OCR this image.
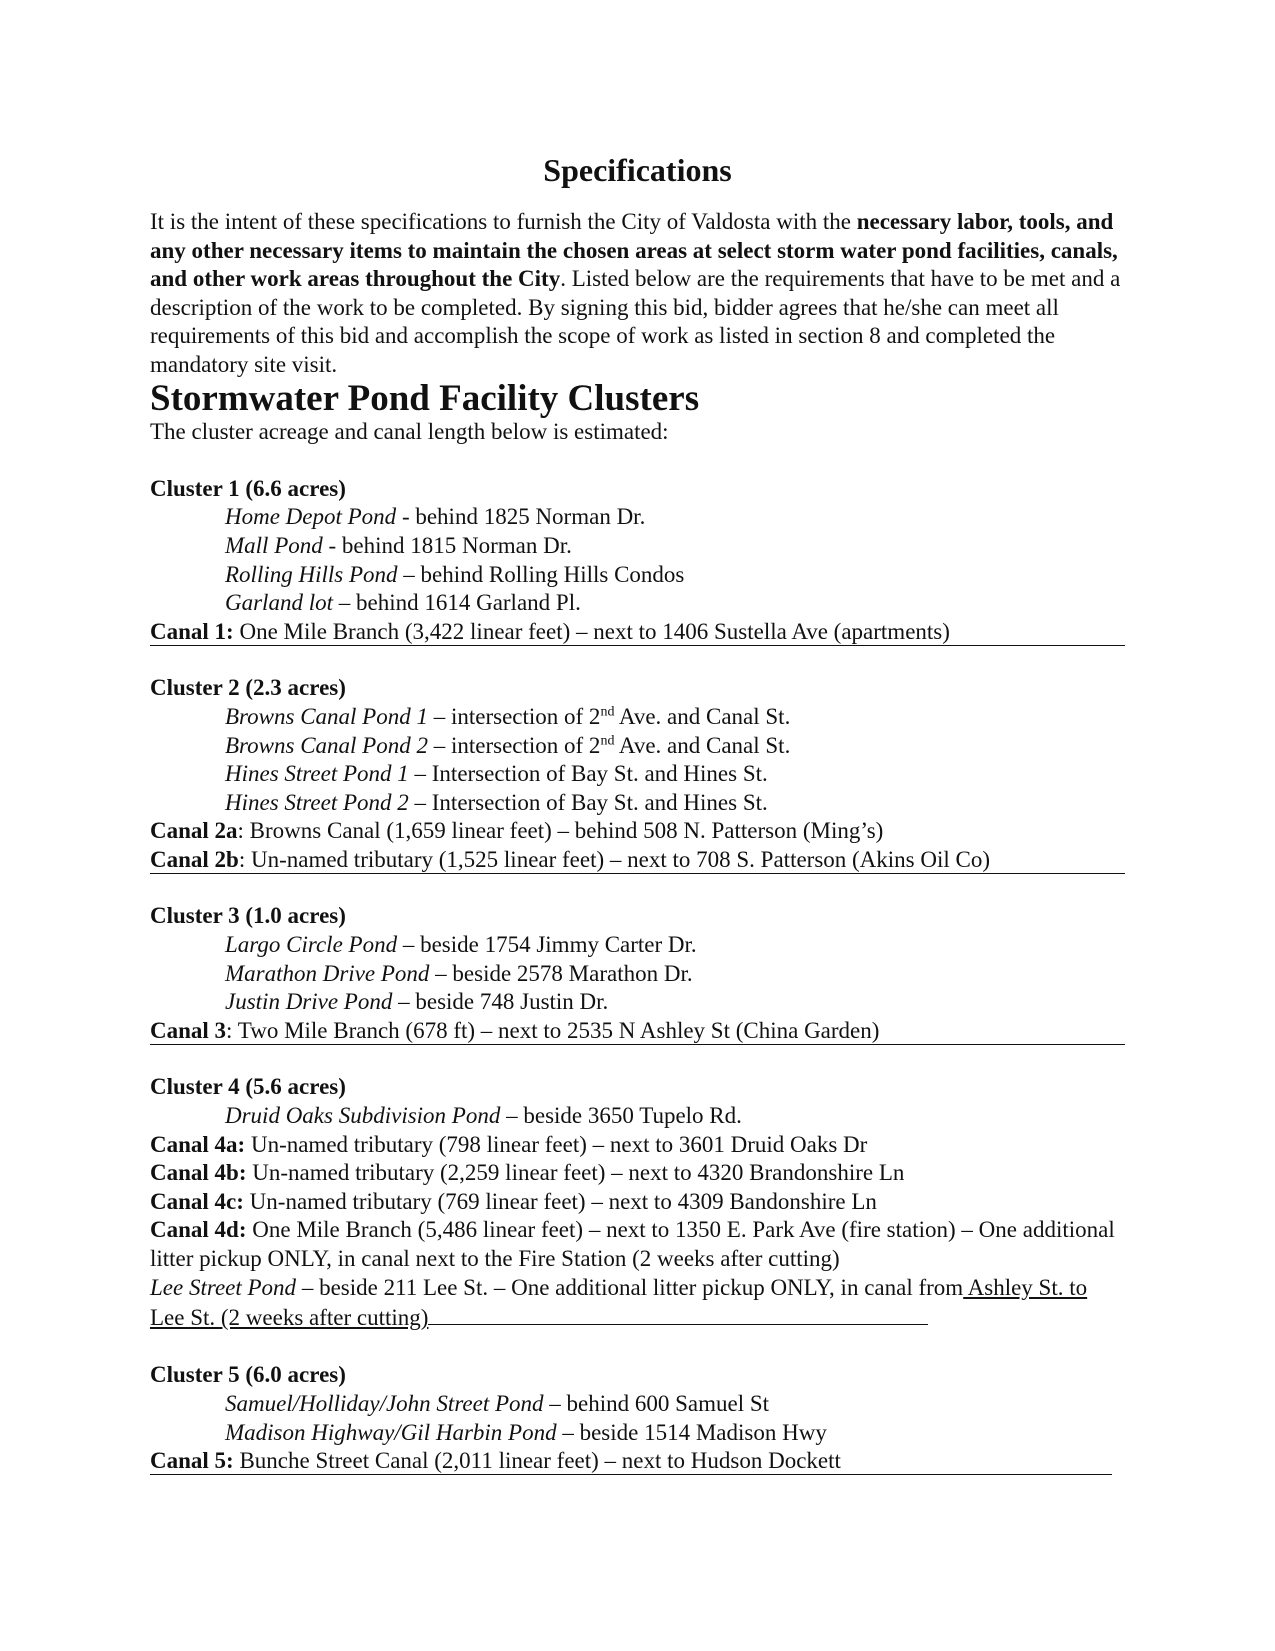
Specifications

It is the intent of these specifications to furnish the City of Valdosta with the necessary labor, tools, and any other necessary items to maintain the chosen areas at select storm water pond facilities, canals, and other work areas throughout the City. Listed below are the requirements that have to be met and a description of the work to be completed. By signing this bid, bidder agrees that he/she can meet all requirements of this bid and accomplish the scope of work as listed in section 8 and completed the mandatory site visit.

Stormwater Pond Facility Clusters

The cluster acreage and canal length below is estimated:

Cluster 1 (6.6 acres)
Home Depot Pond - behind 1825 Norman Dr.
Mall Pond - behind 1815 Norman Dr.
Rolling Hills Pond – behind Rolling Hills Condos
Garland lot – behind 1614 Garland Pl.
Canal 1: One Mile Branch (3,422 linear feet) – next to 1406 Sustella Ave (apartments)
Cluster 2 (2.3 acres)
Browns Canal Pond 1 – intersection of 2nd Ave. and Canal St.
Browns Canal Pond 2 – intersection of 2nd Ave. and Canal St.
Hines Street Pond 1 – Intersection of Bay St. and Hines St.
Hines Street Pond 2 – Intersection of Bay St. and Hines St.
Canal 2a: Browns Canal (1,659 linear feet) – behind 508 N. Patterson (Ming’s)
Canal 2b: Un-named tributary (1,525 linear feet) – next to 708 S. Patterson (Akins Oil Co)
Cluster 3 (1.0 acres)
Largo Circle Pond – beside 1754 Jimmy Carter Dr.
Marathon Drive Pond – beside 2578 Marathon Dr.
Justin Drive Pond – beside 748 Justin Dr.
Canal 3: Two Mile Branch (678 ft) – next to 2535 N Ashley St (China Garden)
Cluster 4 (5.6 acres)
Druid Oaks Subdivision Pond – beside 3650 Tupelo Rd.
Canal 4a: Un-named tributary (798 linear feet) – next to 3601 Druid Oaks Dr
Canal 4b: Un-named tributary (2,259 linear feet) – next to 4320 Brandonshire Ln
Canal 4c: Un-named tributary (769 linear feet) – next to 4309 Bandonshire Ln
Canal 4d: One Mile Branch (5,486 linear feet) – next to 1350 E. Park Ave (fire station) – One additional litter pickup ONLY, in canal next to the Fire Station (2 weeks after cutting)
Lee Street Pond – beside 211 Lee St. – One additional litter pickup ONLY, in canal from Ashley St. to Lee St. (2 weeks after cutting)
Cluster 5 (6.0 acres)
Samuel/Holliday/John Street Pond – behind 600 Samuel St
Madison Highway/Gil Harbin Pond – beside 1514 Madison Hwy
Canal 5: Bunche Street Canal (2,011 linear feet) – next to Hudson Dockett
